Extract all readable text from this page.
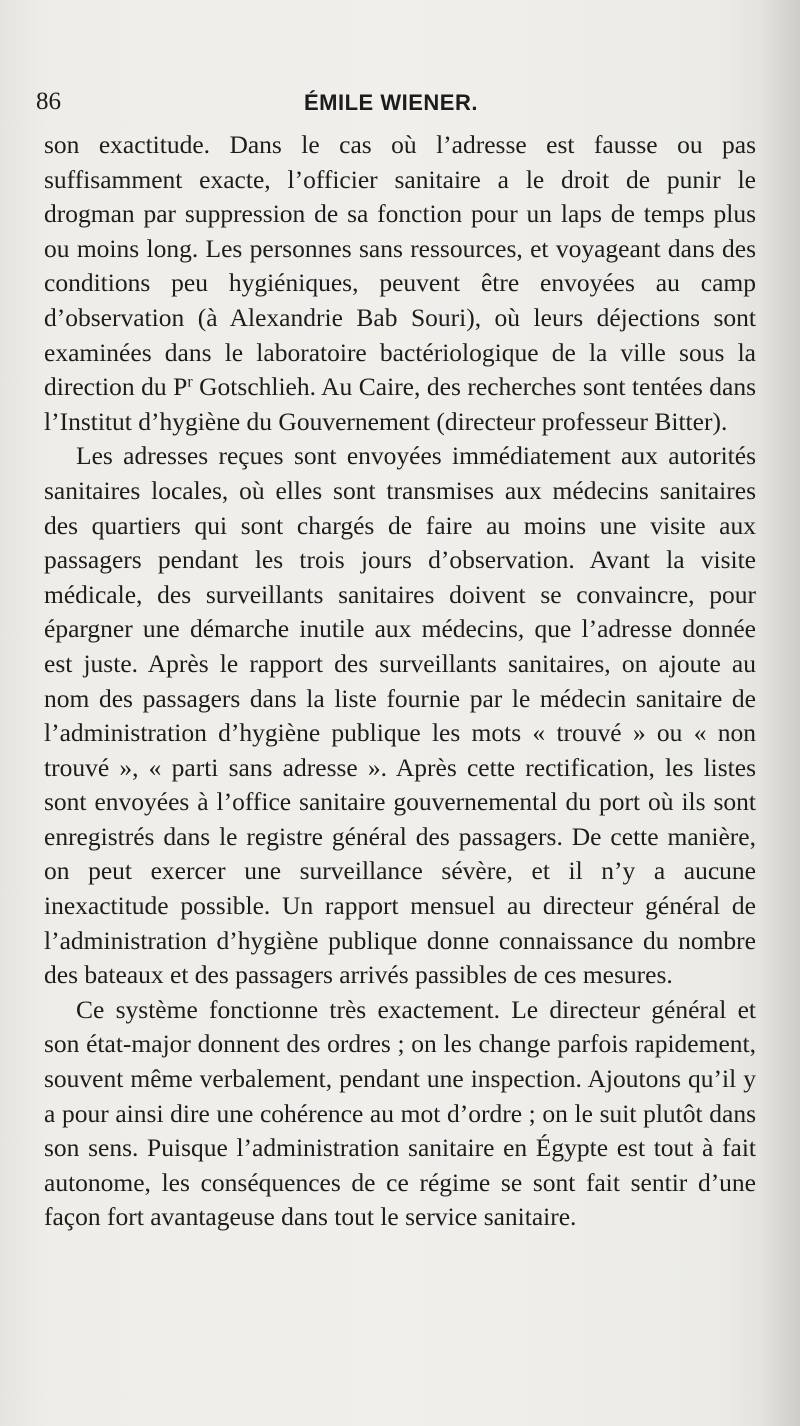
86	ÉMILE WIENER.

son exactitude. Dans le cas où l’adresse est fausse ou pas suffisamment exacte, l’officier sanitaire a le droit de punir le drogman par suppression de sa fonction pour un laps de temps plus ou moins long. Les personnes sans ressources, et voyageant dans des conditions peu hygiéniques, peuvent être envoyées au camp d’observation (à Alexandrie Bab Souri), où leurs déjections sont examinées dans le laboratoire bactériologique de la ville sous la direction du $P^r$ Gotschlieh. Au Caire, des recherches sont tentées dans l’Institut d’hygiène du Gouvernement (directeur professeur Bitter).

Les adresses reçues sont envoyées immédiatement aux autorités sanitaires locales, où elles sont transmises aux médecins sanitaires des quartiers qui sont chargés de faire au moins une visite aux passagers pendant les trois jours d’observation. Avant la visite médicale, des surveillants sanitaires doivent se convaincre, pour épargner une démarche inutile aux médecins, que l’adresse donnée est juste. Après le rapport des surveillants sanitaires, on ajoute au nom des passagers dans la liste fournie par le médecin sanitaire de l’administration d’hygiène publique les mots « trouvé » ou « non trouvé », « parti sans adresse ». Après cette rectification, les listes sont envoyées à l’office sanitaire gouvernemental du port où ils sont enregistrés dans le registre général des passagers. De cette manière, on peut exercer une surveillance sévère, et il n’y a aucune inexactitude possible. Un rapport mensuel au directeur général de l’administration d’hygiène publique donne connaissance du nombre des bateaux et des passagers arrivés passibles de ces mesures.

Ce système fonctionne très exactement. Le directeur général et son état-major donnent des ordres ; on les change parfois rapidement, souvent même verbalement, pendant une inspection. Ajoutons qu’il y a pour ainsi dire une cohérence au mot d’ordre ; on le suit plutôt dans son sens. Puisque l’administration sanitaire en Égypte est tout à fait autonome, les conséquences de ce régime se sont fait sentir d’une façon fort avantageuse dans tout le service sanitaire.
